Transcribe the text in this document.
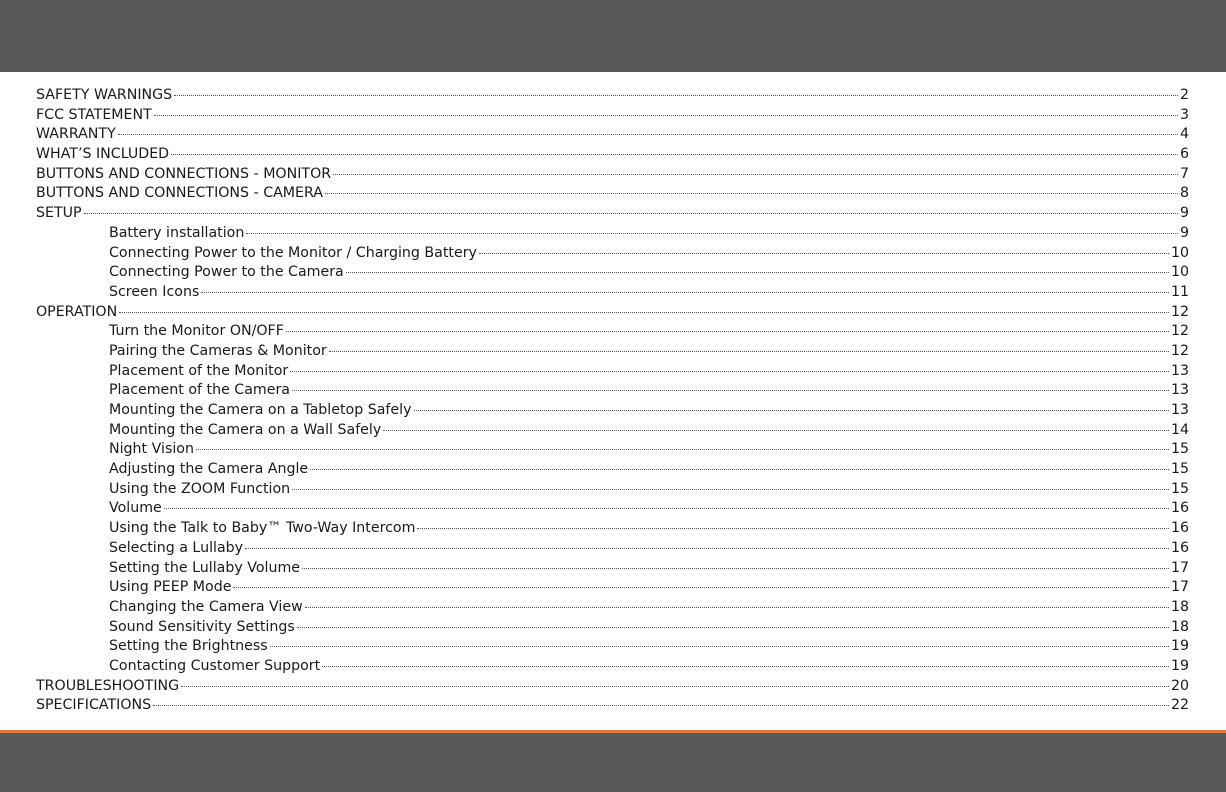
SAFETY WARNINGS	2
FCC STATEMENT	3
WARRANTY	4
WHAT’S INCLUDED	6
BUTTONS AND CONNECTIONS - MONITOR	7
BUTTONS AND CONNECTIONS - CAMERA	8
SETUP	9
Battery installation	9
Connecting Power to the Monitor / Charging Battery	10
Connecting Power to the Camera	10
Screen Icons	11
OPERATION	12
Turn the Monitor ON/OFF	12
Pairing the Cameras & Monitor	12
Placement of the Monitor	13
Placement of the Camera	13
Mounting the Camera on a Tabletop Safely	13
Mounting the Camera on a Wall Safely	14
Night Vision	15
Adjusting the Camera Angle	15
Using the ZOOM Function	15
Volume	16
Using the Talk to Baby™ Two-Way Intercom	16
Selecting a Lullaby	16
Setting the Lullaby Volume	17
Using PEEP Mode	17
Changing the Camera View	18
Sound Sensitivity Settings	18
Setting the Brightness	19
Contacting Customer Support	19
TROUBLESHOOTING	20
SPECIFICATIONS	22
